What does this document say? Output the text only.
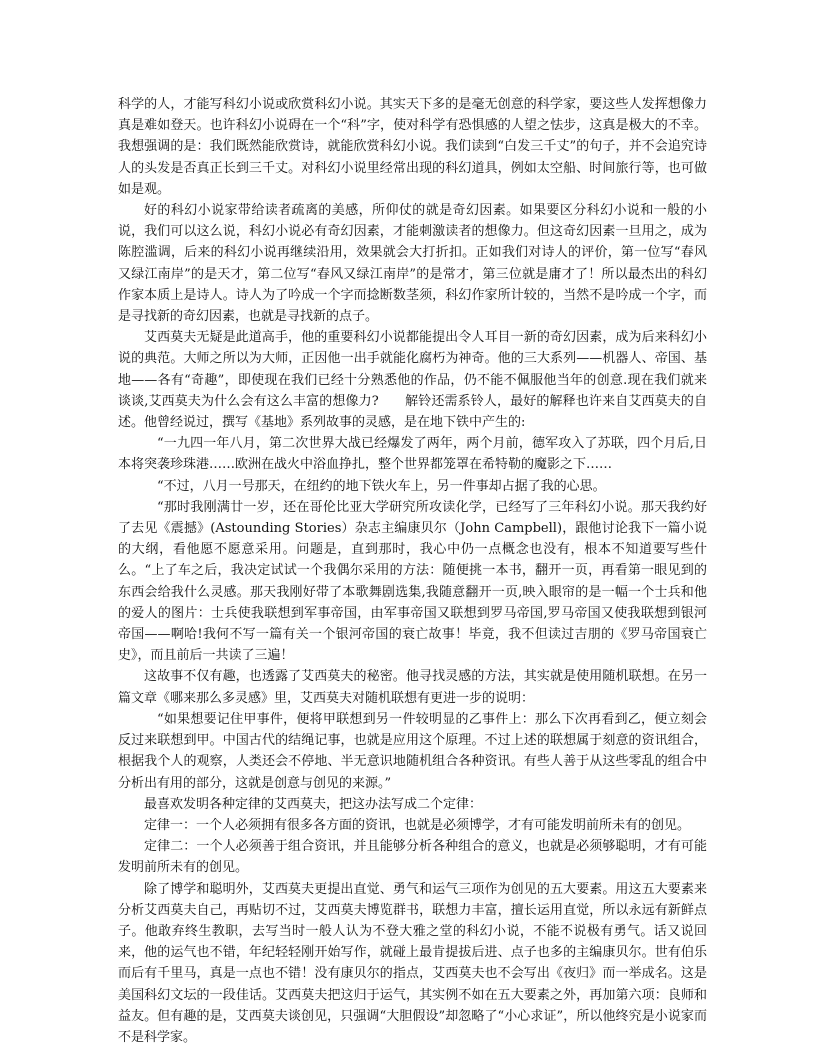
科学的人，才能写科幻小说或欣赏科幻小说。其实天下多的是毫无创意的科学家，要这些人发挥想像力真是难如登天。也许科幻小说碍在一个“科”字，使对科学有恐惧感的人望之怯步，这真是极大的不幸。我想强调的是：我们既然能欣赏诗，就能欣赏科幻小说。我们读到“白发三千丈”的句子，并不会追究诗人的头发是否真正长到三千丈。对科幻小说里经常出现的科幻道具，例如太空船、时间旅行等，也可做如是观。

好的科幻小说家带给读者疏离的美感，所仰仗的就是奇幻因素。如果要区分科幻小说和一般的小说，我们可以这么说，科幻小说必有奇幻因素，才能刺激读者的想像力。但这奇幻因素一旦用之，成为陈腔滥调，后来的科幻小说再继续沿用，效果就会大打折扣。正如我们对诗人的评价，第一位写“春风又绿江南岸”的是天才，第二位写“春风又绿江南岸”的是常才，第三位就是庸才了！所以最杰出的科幻作家本质上是诗人。诗人为了吟成一个字而捻断数茎须，科幻作家所计较的，当然不是吟成一个字，而是寻找新的奇幻因素，也就是寻找新的点子。

艾西莫夫无疑是此道高手，他的重要科幻小说都能提出令人耳目一新的奇幻因素，成为后来科幻小说的典范。大师之所以为大师，正因他一出手就能化腐朽为神奇。他的三大系列——机器人、帝国、基地——各有“奇趣”，即使现在我们已经十分熟悉他的作品，仍不能不佩服他当年的创意.现在我们就来谈谈,艾西莫夫为什么会有这么丰富的想像力?　　解铃还需系铃人，最好的解释也许来自艾西莫夫的自述。他曾经说过，撰写《基地》系列故事的灵感，是在地下铁中产生的:

“一九四一年八月，第二次世界大战已经爆发了两年，两个月前，德军攻入了苏联，四个月后,日本将突袭珍珠港……欧洲在战火中浴血挣扎，整个世界都笼罩在希特勒的魔影之下……

“不过，八月一号那天，在纽约的地下铁火车上，另一件事却占据了我的心思。

“那时我刚满廿一岁，还在哥伦比亚大学研究所攻读化学，已经写了三年科幻小说。那天我约好了去见《震撼》(Astounding Stories）杂志主编康贝尔（John Campbell)，跟他讨论我下一篇小说的大纲，看他愿不愿意采用。问题是，直到那时，我心中仍一点概念也没有，根本不知道要写些什么。“上了车之后，我决定试试一个我偶尔采用的方法：随便挑一本书，翻开一页，再看第一眼见到的东西会给我什么灵感。那天我刚好带了本歌舞剧选集,我随意翻开一页,映入眼帘的是一幅一个士兵和他的爱人的图片：士兵使我联想到军事帝国，由军事帝国又联想到罗马帝国,罗马帝国又使我联想到银河帝国——啊哈!我何不写一篇有关一个银河帝国的衰亡故事！毕竟，我不但读过吉朋的《罗马帝国衰亡史》，而且前后一共读了三遍！

这故事不仅有趣，也透露了艾西莫夫的秘密。他寻找灵感的方法，其实就是使用随机联想。在另一篇文章《哪来那么多灵感》里，艾西莫夫对随机联想有更进一步的说明：

“如果想要记住甲事件，便将甲联想到另一件较明显的乙事件上：那么下次再看到乙，便立刻会反过来联想到甲。中国古代的结绳记事，也就是应用这个原理。不过上述的联想属于刻意的资讯组合，根据我个人的观察，人类还会不停地、半无意识地随机组合各种资讯。有些人善于从这些零乱的组合中分析出有用的部分，这就是创意与创见的来源。”

最喜欢发明各种定律的艾西莫夫，把这办法写成二个定律：

定律一：一个人必须拥有很多各方面的资讯，也就是必须博学，才有可能发明前所未有的创见。

定律二：一个人必须善于组合资讯，并且能够分析各种组合的意义，也就是必须够聪明，才有可能发明前所未有的创见。

除了博学和聪明外，艾西莫夫更提出直觉、勇气和运气三项作为创见的五大要素。用这五大要素来分析艾西莫夫自己，再贴切不过，艾西莫夫博览群书，联想力丰富，擅长运用直觉，所以永远有新鲜点子。他敢弃终生教职，去写当时一般人认为不登大雅之堂的科幻小说，不能不说极有勇气。话又说回来，他的运气也不错，年纪轻轻刚开始写作，就碰上最肯提拔后进、点子也多的主编康贝尔。世有伯乐而后有千里马，真是一点也不错！没有康贝尔的指点，艾西莫夫也不会写出《夜归》而一举成名。这是美国科幻文坛的一段佳话。艾西莫夫把这归于运气，其实例不如在五大要素之外，再加第六项：良师和益友。但有趣的是，艾西莫夫谈创见，只强调“大胆假设”却忽略了“小心求证”，所以他终究是小说家而不是科学家。
